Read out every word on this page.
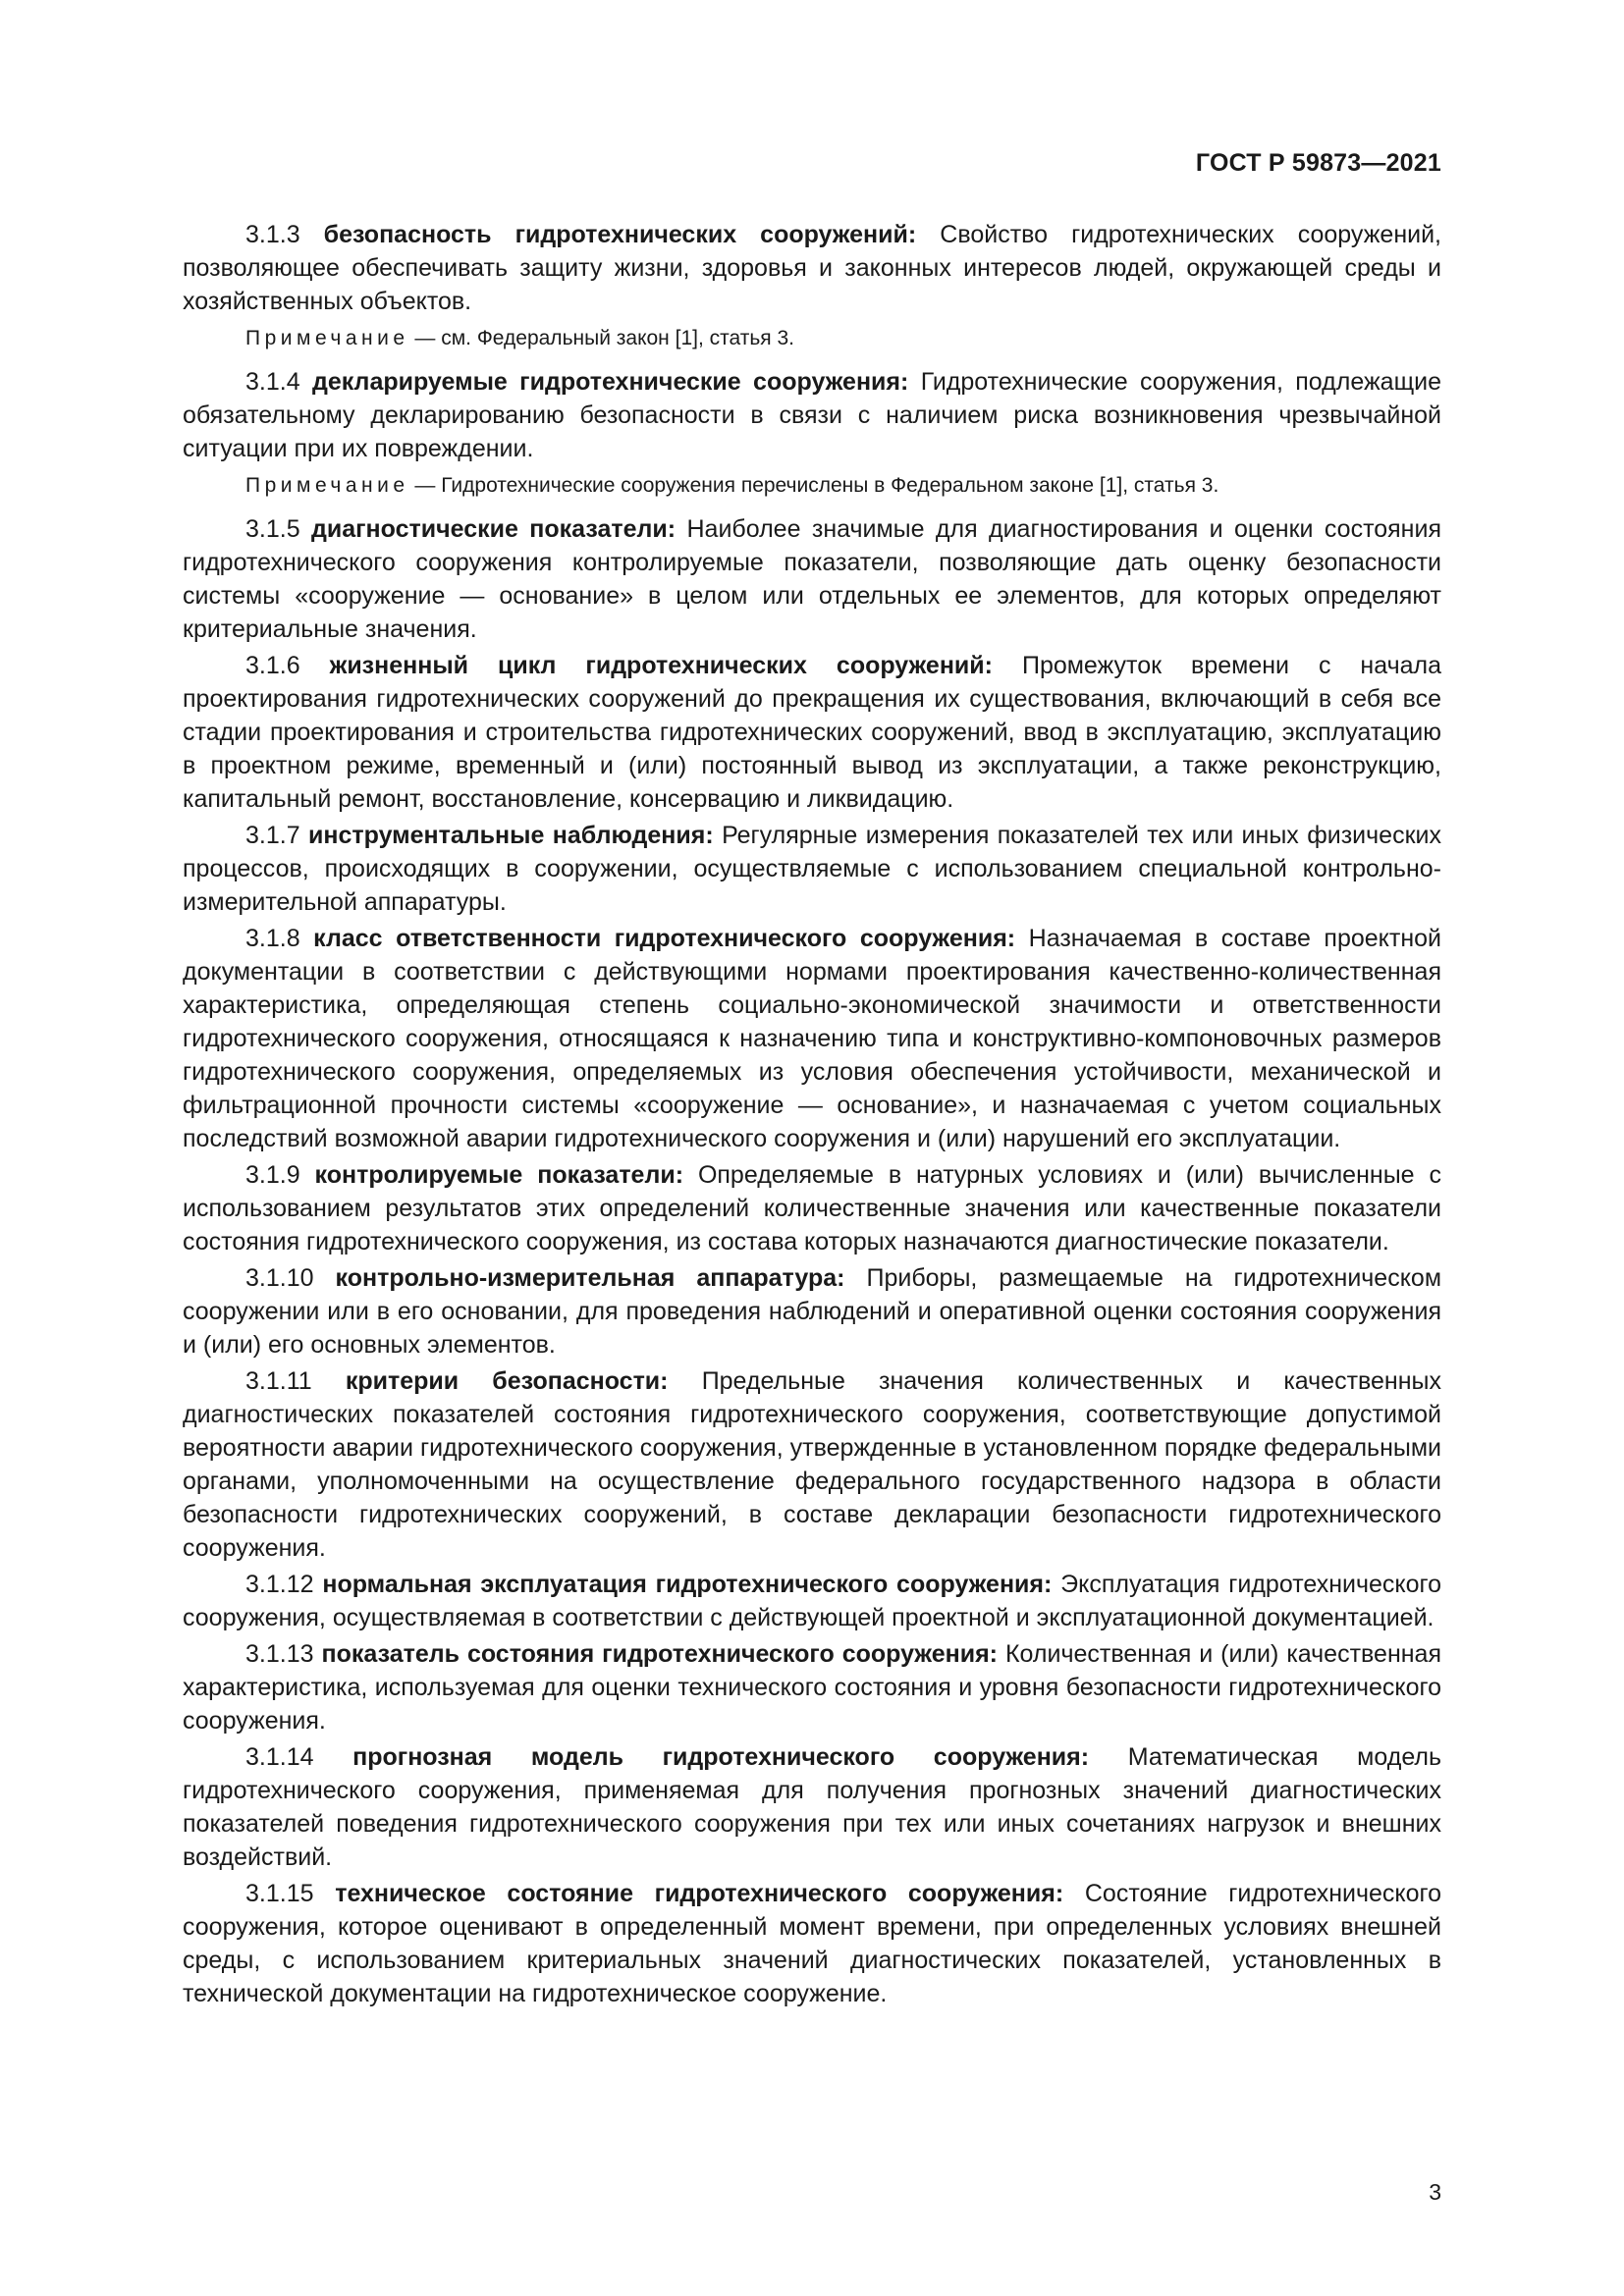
ГОСТ Р 59873—2021

3.1.3 безопасность гидротехнических сооружений: Свойство гидротехнических сооружений, позволяющее обеспечивать защиту жизни, здоровья и законных интересов людей, окружающей среды и хозяйственных объектов.

Примечание — см. Федеральный закон [1], статья 3.

3.1.4 декларируемые гидротехнические сооружения: Гидротехнические сооружения, подлежащие обязательному декларированию безопасности в связи с наличием риска возникновения чрезвычайной ситуации при их повреждении.

Примечание — Гидротехнические сооружения перечислены в Федеральном законе [1], статья 3.

3.1.5 диагностические показатели: Наиболее значимые для диагностирования и оценки состояния гидротехнического сооружения контролируемые показатели, позволяющие дать оценку безопасности системы «сооружение — основание» в целом или отдельных ее элементов, для которых определяют критериальные значения.

3.1.6 жизненный цикл гидротехнических сооружений: Промежуток времени с начала проектирования гидротехнических сооружений до прекращения их существования, включающий в себя все стадии проектирования и строительства гидротехнических сооружений, ввод в эксплуатацию, эксплуатацию в проектном режиме, временный и (или) постоянный вывод из эксплуатации, а также реконструкцию, капитальный ремонт, восстановление, консервацию и ликвидацию.

3.1.7 инструментальные наблюдения: Регулярные измерения показателей тех или иных физических процессов, происходящих в сооружении, осуществляемые с использованием специальной контрольно-измерительной аппаратуры.

3.1.8 класс ответственности гидротехнического сооружения: Назначаемая в составе проектной документации в соответствии с действующими нормами проектирования качественно-количественная характеристика, определяющая степень социально-экономической значимости и ответственности гидротехнического сооружения, относящаяся к назначению типа и конструктивно-компоновочных размеров гидротехнического сооружения, определяемых из условия обеспечения устойчивости, механической и фильтрационной прочности системы «сооружение — основание», и назначаемая с учетом социальных последствий возможной аварии гидротехнического сооружения и (или) нарушений его эксплуатации.

3.1.9 контролируемые показатели: Определяемые в натурных условиях и (или) вычисленные с использованием результатов этих определений количественные значения или качественные показатели состояния гидротехнического сооружения, из состава которых назначаются диагностические показатели.

3.1.10 контрольно-измерительная аппаратура: Приборы, размещаемые на гидротехническом сооружении или в его основании, для проведения наблюдений и оперативной оценки состояния сооружения и (или) его основных элементов.

3.1.11 критерии безопасности: Предельные значения количественных и качественных диагностических показателей состояния гидротехнического сооружения, соответствующие допустимой вероятности аварии гидротехнического сооружения, утвержденные в установленном порядке федеральными органами, уполномоченными на осуществление федерального государственного надзора в области безопасности гидротехнических сооружений, в составе декларации безопасности гидротехнического сооружения.

3.1.12 нормальная эксплуатация гидротехнического сооружения: Эксплуатация гидротехнического сооружения, осуществляемая в соответствии с действующей проектной и эксплуатационной документацией.

3.1.13 показатель состояния гидротехнического сооружения: Количественная и (или) качественная характеристика, используемая для оценки технического состояния и уровня безопасности гидротехнического сооружения.

3.1.14 прогнозная модель гидротехнического сооружения: Математическая модель гидротехнического сооружения, применяемая для получения прогнозных значений диагностических показателей поведения гидротехнического сооружения при тех или иных сочетаниях нагрузок и внешних воздействий.

3.1.15 техническое состояние гидротехнического сооружения: Состояние гидротехнического сооружения, которое оценивают в определенный момент времени, при определенных условиях внешней среды, с использованием критериальных значений диагностических показателей, установленных в технической документации на гидротехническое сооружение.

3
